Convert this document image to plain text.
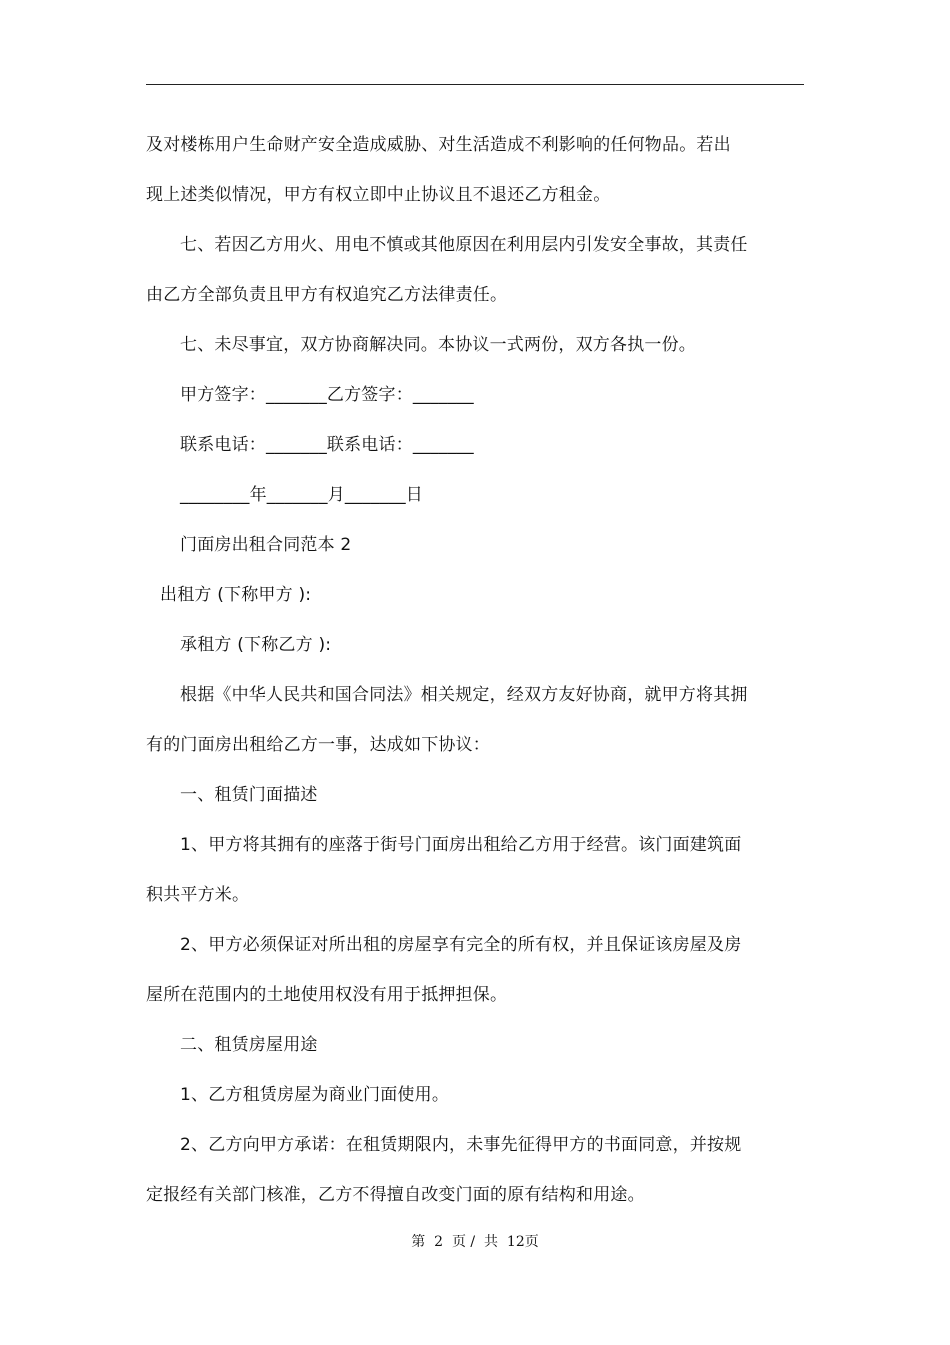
及对楼栋用户生命财产安全造成威胁、对生活造成不利影响的任何物品。若出
现上述类似情况，甲方有权立即中止协议且不退还乙方租金。
七、若因乙方用火、用电不慎或其他原因在利用层内引发安全事故，其责任
由乙方全部负责且甲方有权追究乙方法律责任。
七、未尽事宜，双方协商解决同。本协议一式两份，双方各执一份。
甲方签字：_______乙方签字：_______
联系电话：_______联系电话：_______
________年_______月_______日
门面房出租合同范本 2
出租方 (下称甲方 ):
承租方 (下称乙方 ):
根据《中华人民共和国合同法》相关规定，经双方友好协商，就甲方将其拥
有的门面房出租给乙方一事，达成如下协议：
一、租赁门面描述
1、甲方将其拥有的座落于街号门面房出租给乙方用于经营。该门面建筑面
积共平方米。
2、甲方必须保证对所出租的房屋享有完全的所有权，并且保证该房屋及房
屋所在范围内的土地使用权没有用于抵押担保。
二、租赁房屋用途
1、乙方租赁房屋为商业门面使用。
2、乙方向甲方承诺：在租赁期限内，未事先征得甲方的书面同意，并按规
定报经有关部门核准，乙方不得擅自改变门面的原有结构和用途。
第  2  页 /  共  12页
